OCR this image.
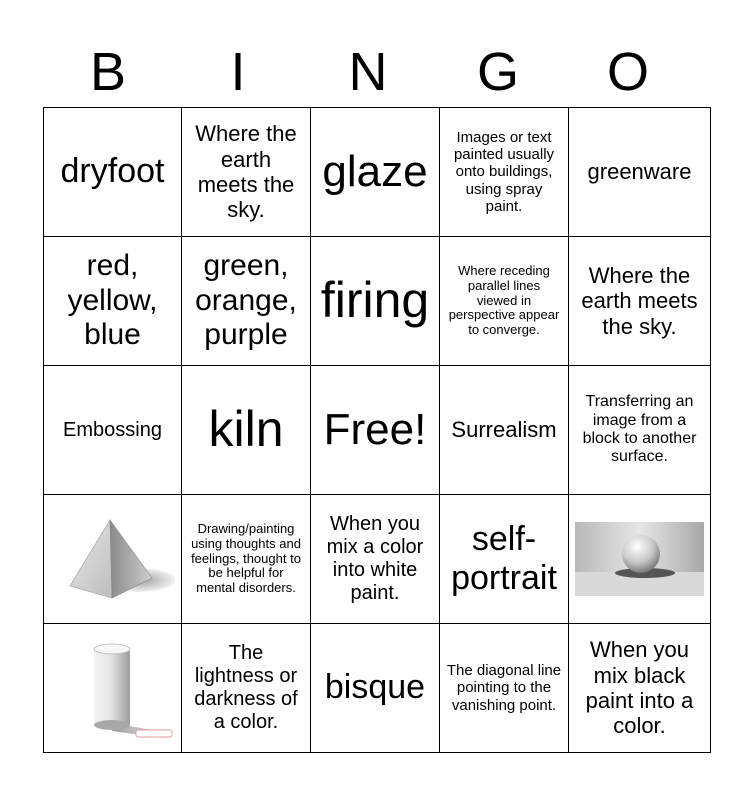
B	I	N	G	O
dryfoot	Where the earth meets the sky.	glaze	Images or text painted usually onto buildings, using spray paint.	greenware
red, yellow, blue	green, orange, purple	firing	Where receding parallel lines viewed in perspective appear to converge.	Where the earth meets the sky.
Embossing	kiln	Free!	Surrealism	Transferring an image from a block to another surface.

	Drawing/painting using thoughts and feelings, thought to be helpful for mental disorders.	When you mix a color into white paint.	self-portrait	

	The lightness or darkness of a color.	bisque	The diagonal line pointing to the vanishing point.	When you mix black paint into a color.
